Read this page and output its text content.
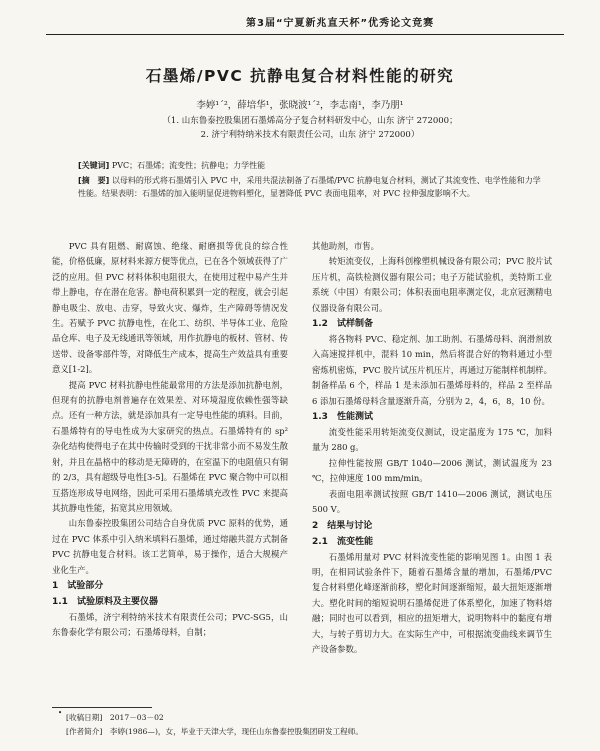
第3届“宁夏新兆直天杯”优秀论文竞赛
石墨烯/PVC 抗静电复合材料性能的研究
李婷¹ˊ²，薛培华¹，张晓波¹ˊ²，李志南¹，李乃朋¹
（1. 山东鲁泰控股集团石墨烯高分子复合材料研发中心，山东 济宁 272000；
2. 济宁利特纳米技术有限责任公司，山东 济宁 272000）
[关键词] PVC；石墨烯；流变性；抗静电；力学性能
[摘　要] 以母料的形式将石墨烯引入 PVC 中，采用共混法制备了石墨烯/PVC 抗静电复合材料，测试了其流变性、电学性能和力学性能。结果表明：石墨烯的加入能明显促进物料塑化，显著降低 PVC 表面电阻率，对 PVC 拉伸强度影响不大。

PVC 具有阻燃、耐腐蚀、绝缘、耐磨损等优良的综合性能，价格低廉，原材料来源方便等优点，已在各个领域获得了广泛的应用。但 PVC 材料体积电阻很大，在使用过程中易产生并带上静电，存在潜在危害。静电荷积累到一定的程度，就会引起静电吸尘、放电、击穿，导致火灾、爆炸，生产障碍等情况发生。若赋予 PVC 抗静电性，在化工、纺织、半导体工业、危险品仓库、电子及无线通讯等领域，用作抗静电的板材、管材、传送带、设备零部件等，对降低生产成本，提高生产效益具有重要意义[1-2]。

提高 PVC 材料抗静电性能最常用的方法是添加抗静电剂，但现有的抗静电剂普遍存在效果差、对环境湿度依赖性强等缺点。还有一种方法，就是添加具有一定导电性能的填料。目前，石墨烯特有的导电性成为大家研究的热点。石墨烯特有的 sp² 杂化结构使得电子在其中传输时受到的干扰非常小而不易发生散射，并且在晶格中的移动是无障碍的，在室温下的电阻值只有铜的 2/3，具有超级导电性[3-5]。石墨烯在 PVC 聚合物中可以相互搭连形成导电网络，因此可采用石墨烯填充改性 PVC 来提高其抗静电性能，拓宽其应用领域。

山东鲁泰控股集团公司结合自身优质 PVC 原料的优势，通过在 PVC 体系中引入纳米填料石墨烯，通过熔融共混方式制备 PVC 抗静电复合材料。该工艺简单，易于操作，适合大规模产业化生产。

1　试验部分
1.1　试验原料及主要仪器

石墨烯，济宁利特纳米技术有限责任公司；PVC-SG5，山东鲁泰化学有限公司；石墨烯母料，自制；

其他助剂，市售。

转矩流变仪，上海科创橡塑机械设备有限公司；PVC 胶片试压片机，高铁检测仪器有限公司；电子万能试验机，美特斯工业系统（中国）有限公司；体积表面电阻率测定仪，北京冠测精电仪器设备有限公司。

1.2　试样制备

将各物料 PVC、稳定剂、加工助剂、石墨烯母料、润滑剂放入高速搅拌机中，混料 10 min，然后将混合好的物料通过小型密炼机密炼，PVC 胶片试压片机压片，再通过万能制样机制样。制备样品 6 个，样品 1 是未添加石墨烯母料的，样品 2 至样品 6 添加石墨烯母料含量逐渐升高，分别为 2，4，6，8，10 份。

1.3　性能测试

流变性能采用转矩流变仪测试，设定温度为 175 ℃，加料量为 280 g。

拉伸性能按照 GB/T 1040—2006 测试，测试温度为 23 ℃，拉伸速度 100 mm/min。

表面电阻率测试按照 GB/T 1410—2006 测试，测试电压 500 V。

2　结果与讨论
2.1　流变性能

石墨烯用量对 PVC 材料流变性能的影响见图 1。由图 1 表明，在相同试验条件下，随着石墨烯含量的增加，石墨烯/PVC 复合材料塑化峰逐渐前移，塑化时间逐渐缩短，最大扭矩逐渐增大。塑化时间的缩短说明石墨烯促进了体系塑化，加速了物料熔融；同时也可以看到，相应的扭矩增大，说明物料中的黏度有增大，与转子剪切力大。在实际生产中，可根据流变曲线来调节生产设备参数。

• [收稿日期]　2017－03－02
[作者简介]　李婷(1986—)，女，毕业于天津大学，现任山东鲁泰控股集团研发工程师。
